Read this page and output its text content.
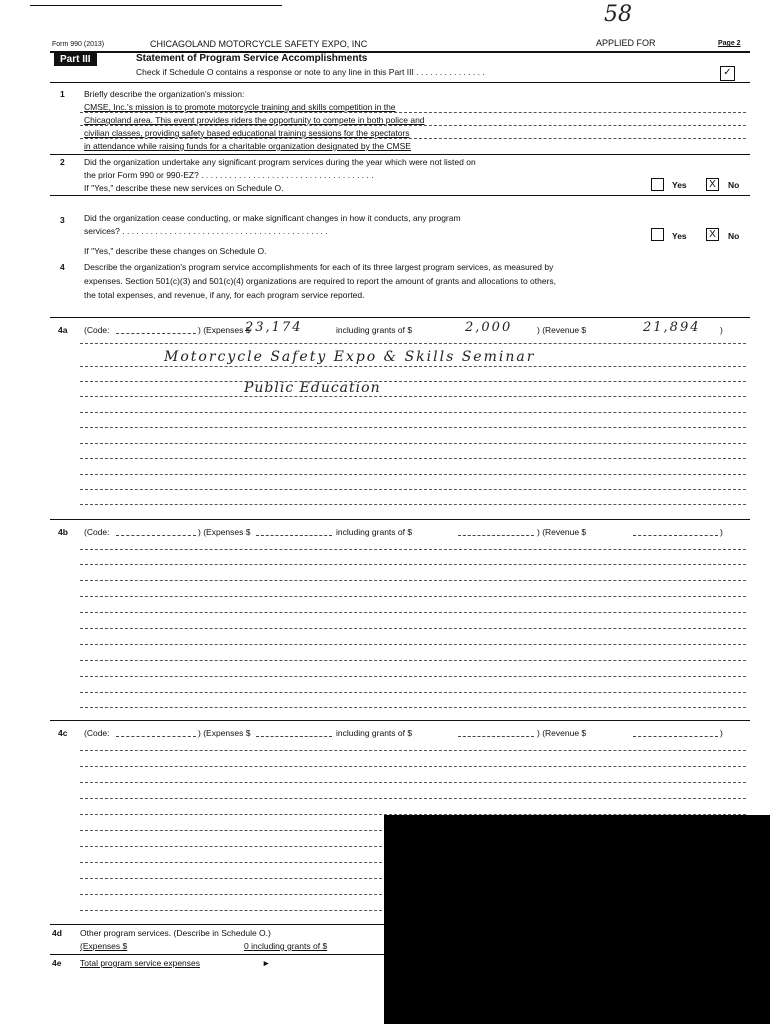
58
Form 990 (2013)	CHICAGOLAND MOTORCYCLE SAFETY EXPO, INC	APPLIED FOR	Page 2
Part III	Statement of Program Service Accomplishments
Check if Schedule O contains a response or note to any line in this Part III . . . . . . . . . . . . . . .	✓
1 Briefly describe the organization's mission:
CMSE, Inc.'s mission is to promote motorcycle training and skills competition in the
Chicagoland area. This event provides riders the opportunity to compete in both police and
civilian classes, providing safety based educational training sessions for the spectators
in attendance while raising funds for a charitable organization designated by the CMSE
2 Did the organization undertake any significant program services during the year which were not listed on
the prior Form 990 or 990-EZ? . . . . . . . . . . . . . . . . . . . . . . . . . . . . . . . . . . . . .
If "Yes," describe these new services on Schedule O.	Yes	X	No
3 Did the organization cease conducting, or make significant changes in how it conducts, any program
services? . . . . . . . . . . . . . . . . . . . . . . . . . . . . . . . . . . . . . . . . . . . .
If "Yes," describe these changes on Schedule O.
Yes	X	No
4 Describe the organization's program service accomplishments for each of its three largest program services, as measured by
expenses. Section 501(c)(3) and 501(c)(4) organizations are required to report the amount of grants and allocations to others,
the total expenses, and revenue, if any, for each program service reported.
4a (Code:	) (Expenses $
23,174	including grants of $	2,000	) (Revenue $	21,894 )
Motorcycle Safety Expo & Skills Seminar
Public Education
4b (Code:	) (Expenses $	including grants of $	) (Revenue $	)
4c (Code:	) (Expenses $	including grants of $	) (Revenue $	)
4d Other program services. (Describe in Schedule O.)
(Expenses $	0 including grants of $
4e Total program service expenses	►
